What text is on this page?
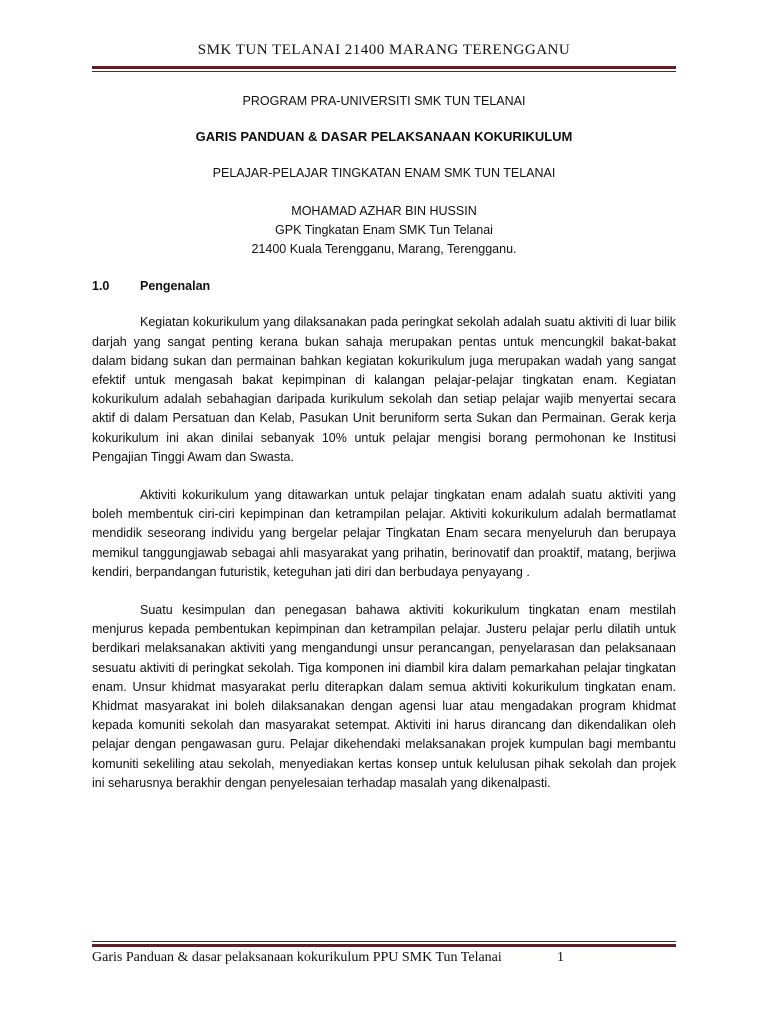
SMK TUN TELANAI 21400 MARANG TERENGGANU
PROGRAM PRA-UNIVERSITI SMK TUN TELANAI
GARIS PANDUAN & DASAR PELAKSANAAN KOKURIKULUM
PELAJAR-PELAJAR TINGKATAN ENAM SMK TUN TELANAI
MOHAMAD AZHAR BIN HUSSIN
GPK Tingkatan Enam SMK Tun Telanai
21400 Kuala Terengganu, Marang, Terengganu.
1.0	Pengenalan

Kegiatan kokurikulum yang dilaksanakan pada peringkat sekolah adalah suatu aktiviti di luar bilik darjah yang sangat penting kerana bukan sahaja merupakan pentas untuk mencungkil bakat-bakat dalam bidang sukan dan permainan bahkan kegiatan kokurikulum juga merupakan wadah yang sangat efektif untuk mengasah bakat kepimpinan di kalangan pelajar-pelajar tingkatan enam. Kegiatan kokurikulum adalah sebahagian daripada kurikulum sekolah dan setiap pelajar wajib menyertai secara aktif di dalam Persatuan dan Kelab, Pasukan Unit beruniform serta Sukan dan Permainan. Gerak kerja kokurikulum ini akan dinilai sebanyak 10% untuk pelajar mengisi borang permohonan ke Institusi Pengajian Tinggi Awam dan Swasta.

Aktiviti kokurikulum yang ditawarkan untuk pelajar tingkatan enam adalah suatu aktiviti yang boleh membentuk ciri-ciri kepimpinan dan ketrampilan pelajar. Aktiviti kokurikulum adalah bermatlamat mendidik seseorang individu yang bergelar pelajar Tingkatan Enam secara menyeluruh dan berupaya memikul tanggungjawab sebagai ahli masyarakat yang prihatin, berinovatif dan proaktif, matang, berjiwa kendiri, berpandangan futuristik, keteguhan jati diri dan berbudaya penyayang .

Suatu kesimpulan dan penegasan bahawa aktiviti kokurikulum tingkatan enam mestilah menjurus kepada pembentukan kepimpinan dan ketrampilan pelajar. Justeru pelajar perlu dilatih untuk berdikari melaksanakan aktiviti yang mengandungi unsur perancangan, penyelarasan dan pelaksanaan sesuatu aktiviti di peringkat sekolah. Tiga komponen ini diambil kira dalam pemarkahan pelajar tingkatan enam. Unsur khidmat masyarakat perlu diterapkan dalam semua aktiviti kokurikulum tingkatan enam. Khidmat masyarakat ini boleh dilaksanakan dengan agensi luar atau mengadakan program khidmat kepada komuniti sekolah dan masyarakat setempat. Aktiviti ini harus dirancang dan dikendalikan oleh pelajar dengan pengawasan guru. Pelajar dikehendaki melaksanakan projek kumpulan bagi membantu komuniti sekeliling atau sekolah, menyediakan kertas konsep untuk kelulusan pihak sekolah dan projek ini seharusnya berakhir dengan penyelesaian terhadap masalah yang dikenalpasti.

Garis Panduan & dasar pelaksanaan kokurikulum PPU SMK Tun Telanai	1
